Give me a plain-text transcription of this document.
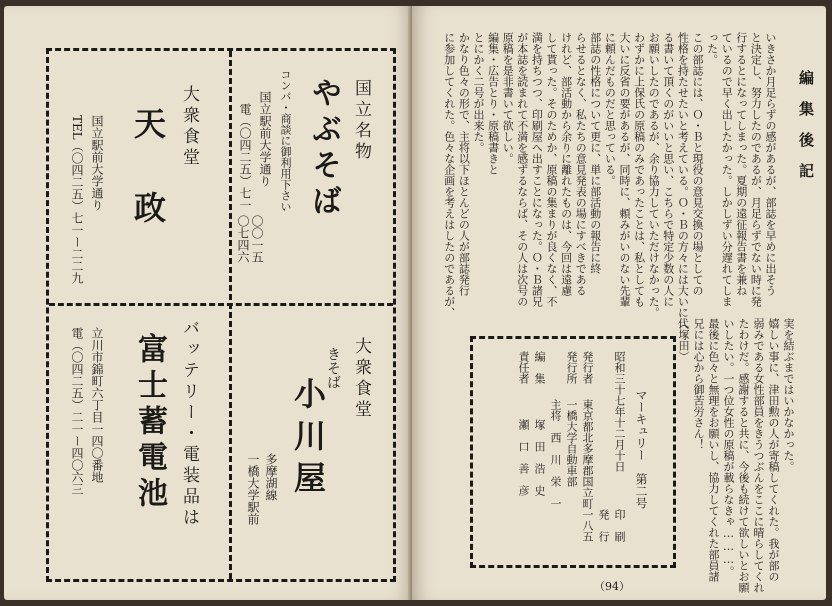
国立名物
やぶそば
コンパ・商談に御利用下さい
国立駅前大学通り
電（〇四二五）七一
〇〇一五
〇七四六
大衆食堂
天　政
国立駅前大学通り
TEL（〇四二五）七一ー二二九
大衆食堂
きそば
小川屋
多摩湖線
一橋大学駅前
バッテリー・電装品は
富士蓄電池
立川市錦町六丁目一四〇番地
電（〇四二五）二一ー四〇六三
編集後記
いきさか月足らずの感があるが、部誌を早めに出そう
と決定し、努力したのであるが、月足らずでない時に発
行するとになってしまった。夏期の遠征報告書を兼ね
ているので早く出したかった。しかしずい分遅れてしま
った。
この部誌には、Ｏ・Ｂと現役の意見交換の場としての
性格を持たせたいと考えている。Ｏ・Ｂの方々には大いに代
る書いて頂くのがいいと思い、こちらで特定少数の人に
お願いしたのであるが、余り協力していただけなかった。
わずかに上保氏の原稿のみであったことは、私としても
大いに反省の要があるが、同時に、頼みがいのない先輩
に頼んだものだと思っている。
部誌の性格について更に、単に部活動の報告に終
らせるとなく、私たちの意見発表の場にすべきである
けれど、部活動から余りに離れたものは、今回は遠慮
して貰った。そのためか、原稿の集まりが良くなく、不
満を持ちつつ、印刷屋へ出すことになった。Ｏ・Ｂ諸兄
が本誌を読まれて不満を感ずるならば、その人は次号の
原稿を是非書いて欲しい。
編集・広告とり・原稿書きと
とにかく二号が出来た。
かなり色々の形で、主将以下ほとんどの人が部誌発行
に参加してくれた。色々な企画を考えはしたのであるが、
実を結ぶまではいかなかった。
嬉しい事に、津田勲の人が寄稿してくれた。我が部の
弱みである女性部員をきうつぶんをここに晴らしてくれ
たわけだ。感謝すると共に、今後も続けて欲しいとお願
いしたい。一つ位女性の原稿が載らなきゃ………。
最後に色々と無理をお願いし、協力してくれた部員諸
兄には心から御苦労さん！
（塚田）
マーキュリー　第二号
昭和三十七年十二月十日
印　刷
発　行
発行者
東京都北多摩郡国立町一八五
発行所
一橋大学自動車部
主将　西　川　栄　一
編　集
塚　田　浩　史
責任者
瀬　口　善　彦
（94）
